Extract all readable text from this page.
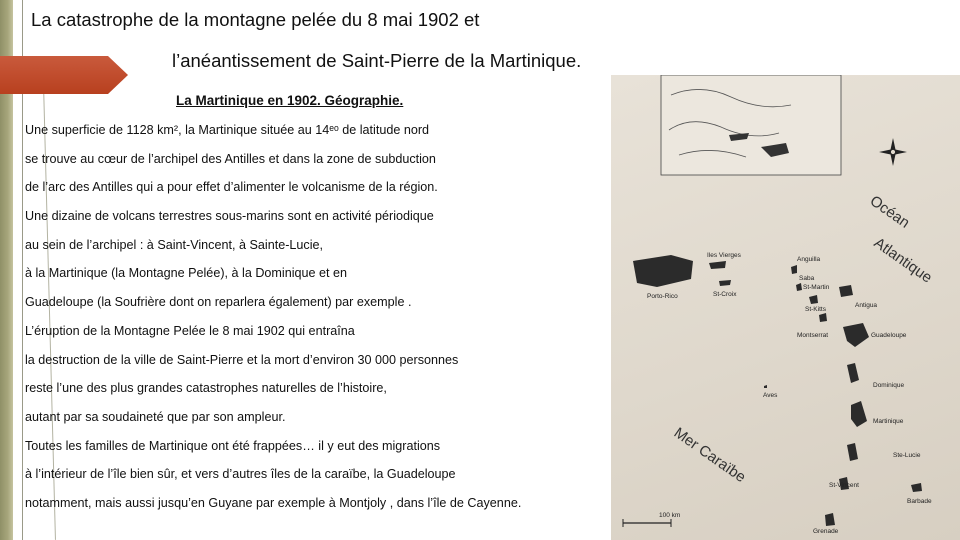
La catastrophe de la montagne pelée du 8 mai 1902 et
l’anéantissement de Saint-Pierre de la Martinique.
La Martinique en 1902. Géographie.
Une superficie de 1128 km², la Martinique située au 14ᵉᵒ de latitude nord
se trouve au cœur de l’archipel des Antilles et dans la zone de subduction
de l’arc des Antilles qui a pour effet d’alimenter le volcanisme de la région.
Une dizaine de volcans terrestres sous-marins sont en activité périodique
au sein de l’archipel : à Saint-Vincent, à Sainte-Lucie,
à la Martinique (la Montagne Pelée), à la Dominique et en
Guadeloupe (la Soufrière dont on reparlera également) par exemple .
L’éruption de la Montagne Pelée le 8 mai 1902 qui entraîna
la destruction de la ville de Saint-Pierre et la mort d’environ 30 000 personnes
reste l’une des plus grandes catastrophes naturelles de l’histoire,
autant par sa soudaineté que par son ampleur.
Toutes les familles de Martinique ont été frappées… il y eut des migrations
à l’intérieur de l’île bien sûr, et vers d’autres îles de la caraïbe, la Guadeloupe
notamment, mais aussi jusqu’en Guyane par exemple à Montjoly , dans l’île de Cayenne.
Océan
Atlantique
Mer Caraïbe
Iles Vierges
Porto-Rico	St-Croix
Anguilla
St-Martin
Saba
St-Kitts
Antigua
Montserrat	Guadeloupe
Aves
Dominique
Martinique
Ste-Lucie
St-Vincent
Barbade
Grenade
100 km
